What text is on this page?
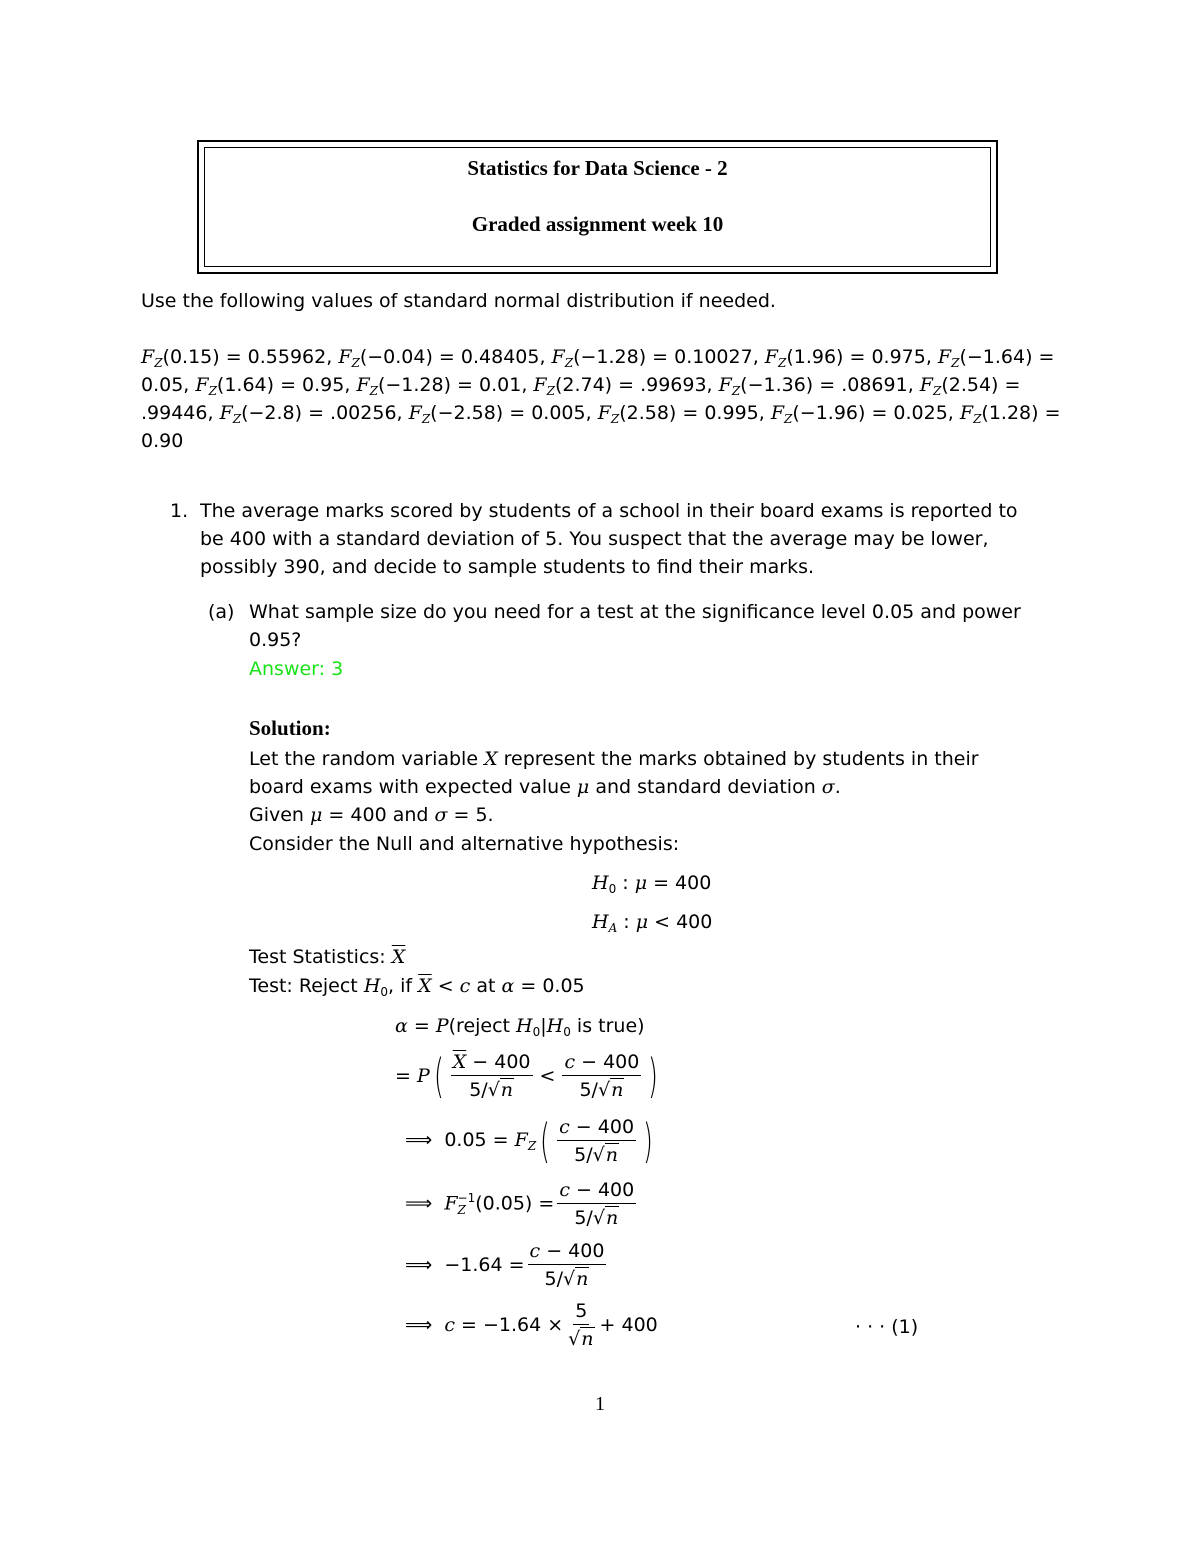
Statistics for Data Science - 2
Graded assignment week 10
Use the following values of standard normal distribution if needed.
$F_Z(0.15) = 0.55962$, $F_Z(-0.04) = 0.48405$, $F_Z(-1.28) = 0.10027$, $F_Z(1.96) = 0.975$, $F_Z(-1.64)$ =
0.05, $F_Z(1.64) = 0.95$, $F_Z(-1.28) = 0.01$, $F_Z(2.74) = .99693$, $F_Z(-1.36) = .08691$, $F_Z(2.54)$ =
.99446, $F_Z(-2.8) = .00256$, $F_Z(-2.58) = 0.005$, $F_Z(2.58) = 0.995$, $F_Z(-1.96) = 0.025$, $F_Z(1.28)$ =
0.90
1. The average marks scored by students of a school in their board exams is reported to
be 400 with a standard deviation of 5. You suspect that the average may be lower,
possibly 390, and decide to sample students to find their marks.
(a) What sample size do you need for a test at the significance level 0.05 and power
0.95?
Answer: 3
Solution:
Let the random variable X represent the marks obtained by students in their
board exams with expected value μ and standard deviation σ.
Given μ = 400 and σ = 5.
Consider the Null and alternative hypothesis:
$H_0$ : μ = 400
$H_A$ : μ < 400
Test Statistics: $\overline{X}$
Test: Reject $H_0$, if $\overline{X} < c$ at α = 0.05
α = P(reject $H_0|H_0$ is true)
= P ( $\frac{\overline{X} - 400}{5/√n} < \frac{c - 400}{5/√n}$ )
⟹  $0.05 = F_Z$ ( $\frac{c - 400}{5/√n}$ )
⟹  F −1
Z $(0.05) = \frac{c - 400}{5/√n}$
⟹  $-1.64 = \frac{c - 400}{5/√n}$
⟹  $c = -1.64 \times \frac{5}{√n} + 400$	· · · (1)
1
